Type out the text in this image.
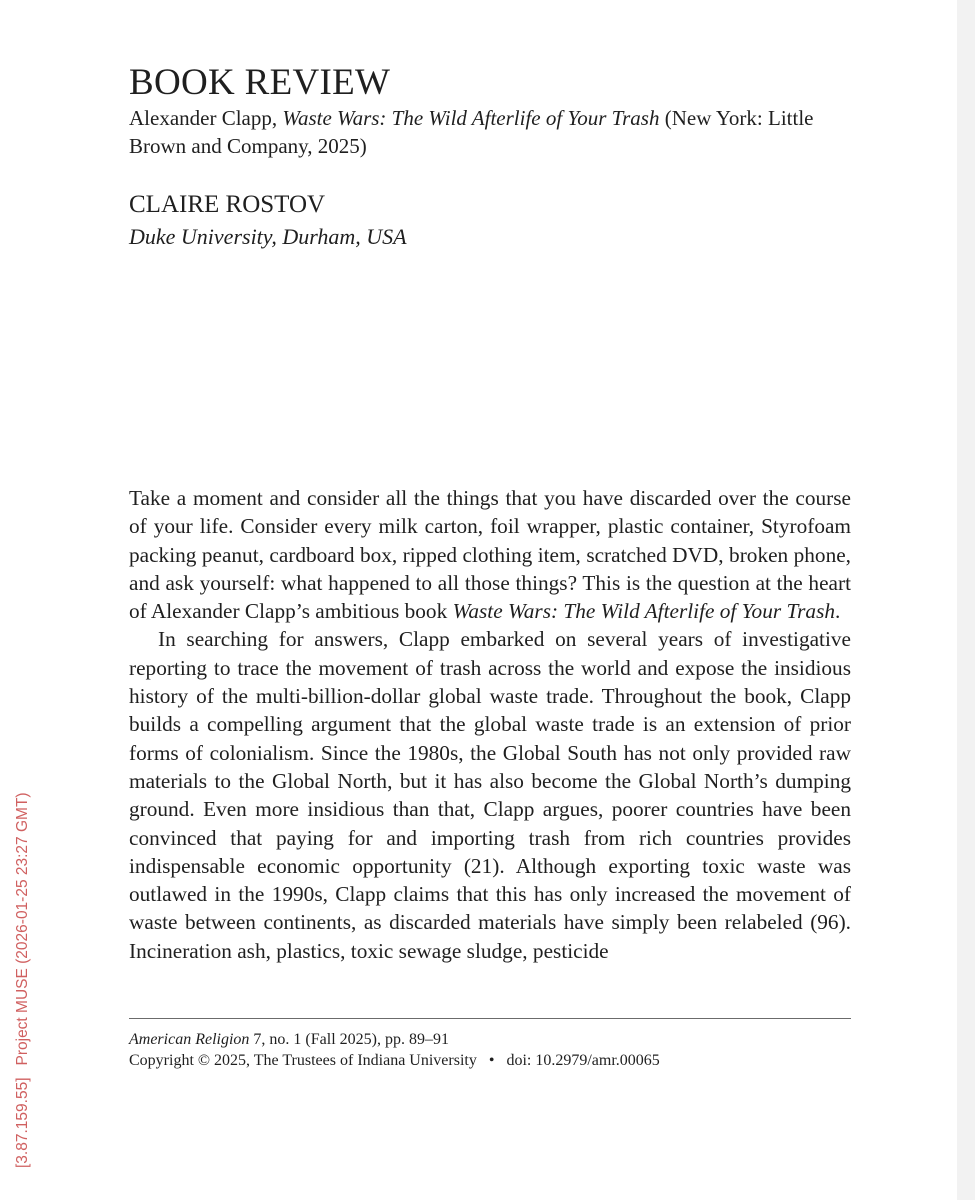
BOOK REVIEW

Alexander Clapp, Waste Wars: The Wild Afterlife of Your Trash (New York: Little Brown and Company, 2025)

CLAIRE ROSTOV

Duke University, Durham, USA

Take a moment and consider all the things that you have discarded over the course of your life. Consider every milk carton, foil wrapper, plastic container, Styrofoam packing peanut, cardboard box, ripped clothing item, scratched DVD, broken phone, and ask yourself: what happened to all those things? This is the question at the heart of Alexander Clapp’s ambitious book Waste Wars: The Wild Afterlife of Your Trash.

In searching for answers, Clapp embarked on several years of investigative reporting to trace the movement of trash across the world and expose the insidious history of the multi-billion-dollar global waste trade. Throughout the book, Clapp builds a compelling argument that the global waste trade is an extension of prior forms of colonialism. Since the 1980s, the Global South has not only provided raw materials to the Global North, but it has also become the Global North’s dumping ground. Even more insidious than that, Clapp argues, poorer countries have been convinced that paying for and importing trash from rich countries provides indispensable economic opportunity (21). Although exporting toxic waste was outlawed in the 1990s, Clapp claims that this has only increased the movement of waste between continents, as discarded materials have simply been relabeled (96). Incineration ash, plastics, toxic sewage sludge, pesticide

American Religion 7, no. 1 (Fall 2025), pp. 89–91
Copyright © 2025, The Trustees of Indiana University • doi: 10.2979/amr.00065
[3.87.159.55]Project MUSE (2026-01-25 23:27 GMT)
